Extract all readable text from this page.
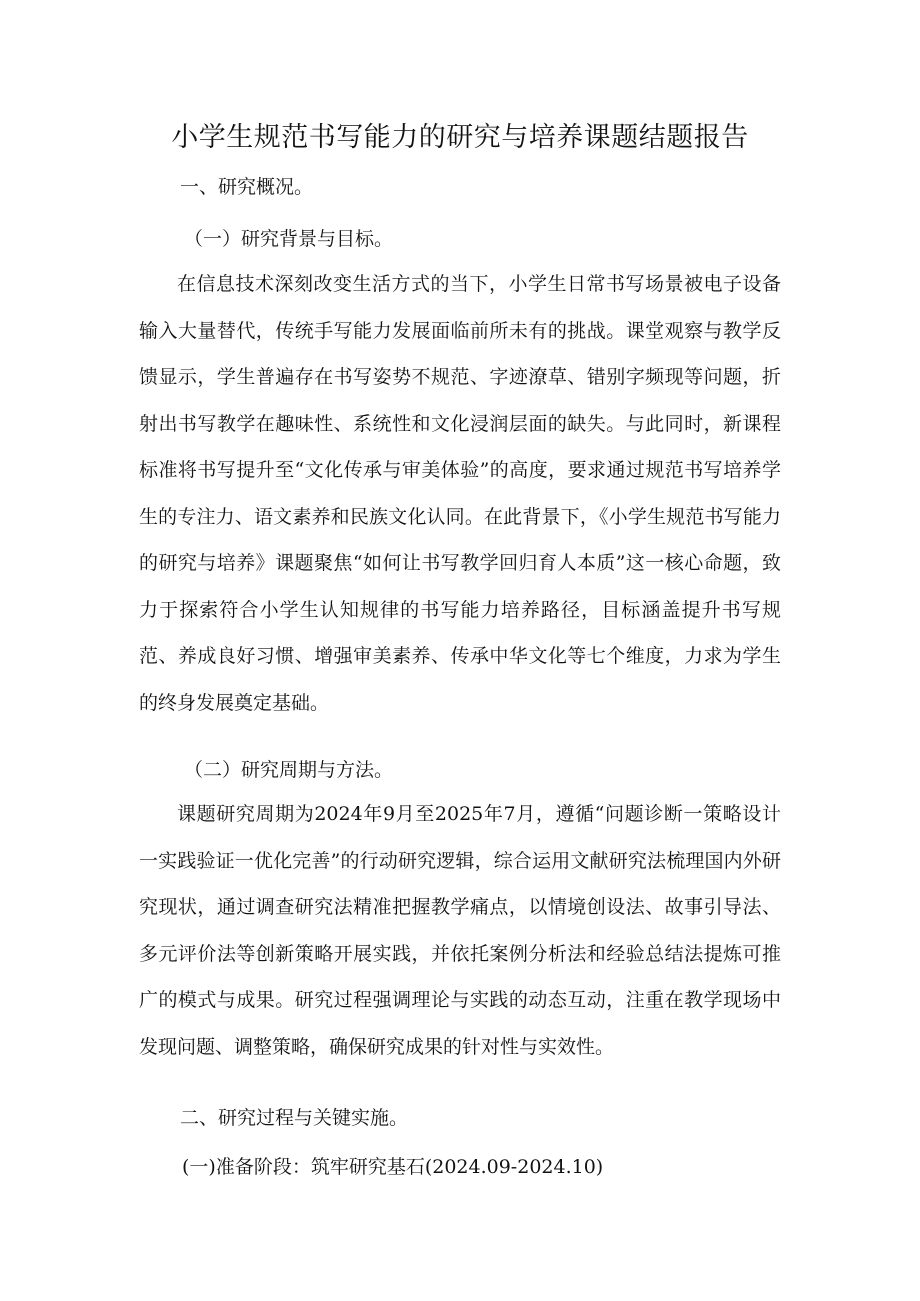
小学生规范书写能力的研究与培养课题结题报告

一、研究概况。

（一）研究背景与目标。

在信息技术深刻改变生活方式的当下，小学生日常书写场景被电子设备输入大量替代，传统手写能力发展面临前所未有的挑战。课堂观察与教学反馈显示，学生普遍存在书写姿势不规范、字迹潦草、错别字频现等问题，折射出书写教学在趣味性、系统性和文化浸润层面的缺失。与此同时，新课程标准将书写提升至“文化传承与审美体验”的高度，要求通过规范书写培养学生的专注力、语文素养和民族文化认同。在此背景下，《小学生规范书写能力的研究与培养》课题聚焦“如何让书写教学回归育人本质”这一核心命题，致力于探索符合小学生认知规律的书写能力培养路径，目标涵盖提升书写规范、养成良好习惯、增强审美素养、传承中华文化等七个维度，力求为学生的终身发展奠定基础。

（二）研究周期与方法。

课题研究周期为2024年9月至2025年7月，遵循“问题诊断一策略设计一实践验证一优化完善”的行动研究逻辑，综合运用文献研究法梳理国内外研究现状，通过调查研究法精准把握教学痛点，以情境创设法、故事引导法、多元评价法等创新策略开展实践，并依托案例分析法和经验总结法提炼可推广的模式与成果。研究过程强调理论与实践的动态互动，注重在教学现场中发现问题、调整策略，确保研究成果的针对性与实效性。

二、研究过程与关键实施。

(一)准备阶段：筑牢研究基石(2024.09-2024.10)
